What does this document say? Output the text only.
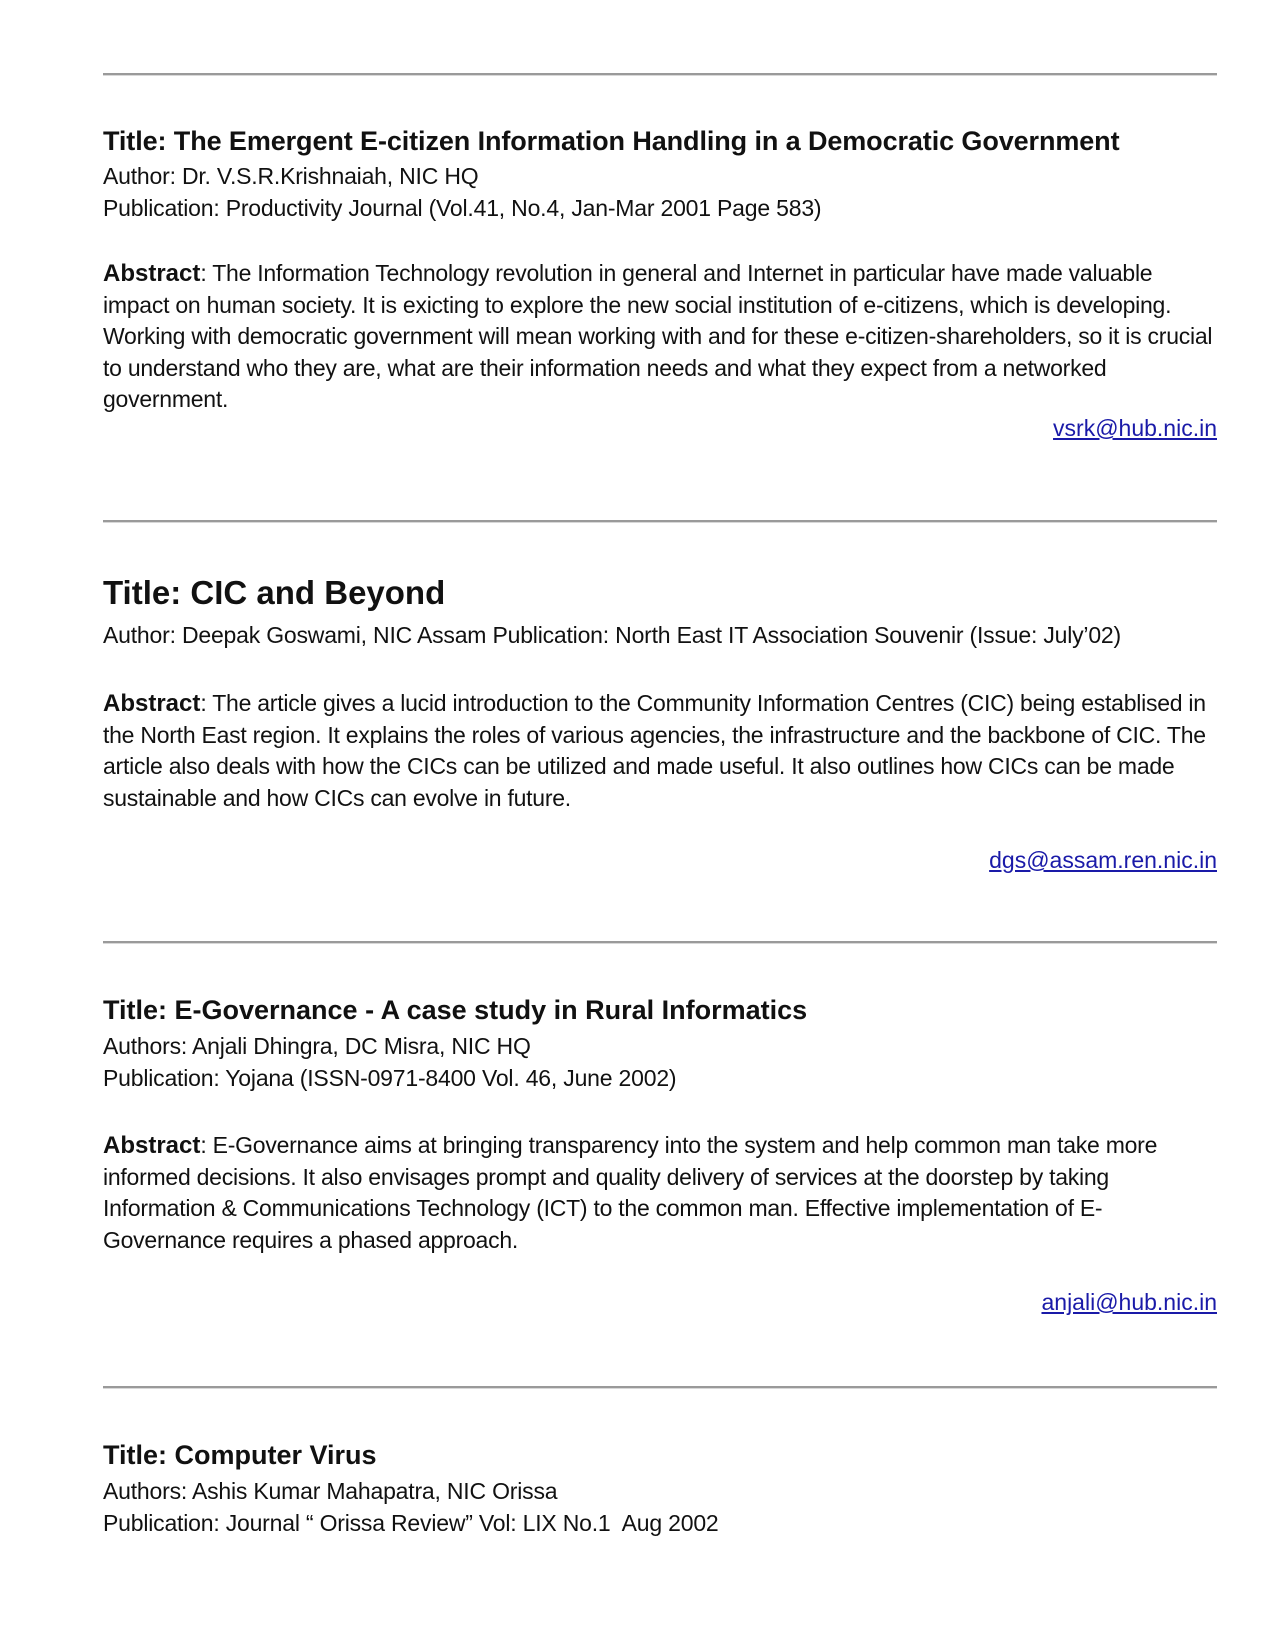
Title: The Emergent E-citizen Information Handling in a Democratic Government

Author: Dr. V.S.R.Krishnaiah, NIC HQ

Publication: Productivity Journal (Vol.41, No.4, Jan-Mar 2001 Page 583)

Abstract: The Information Technology revolution in general and Internet in particular have made valuable impact on human society. It is exicting to explore the new social institution of e-citizens, which is developing. Working with democratic government will mean working with and for these e-citizen-shareholders, so it is crucial to understand who they are, what are their information needs and what they expect from a networked government.

vsrk@hub.nic.in

Title: CIC and Beyond

Author: Deepak Goswami, NIC Assam Publication: North East IT Association Souvenir (Issue: July’02)

Abstract: The article gives a lucid introduction to the Community Information Centres (CIC) being establised in the North East region. It explains the roles of various agencies, the infrastructure and the backbone of CIC. The article also deals with how the CICs can be utilized and made useful. It also outlines how CICs can be made sustainable and how CICs can evolve in future.

dgs@assam.ren.nic.in

Title: E-Governance - A case study in Rural Informatics

Authors: Anjali Dhingra, DC Misra, NIC HQ

Publication: Yojana (ISSN-0971-8400 Vol. 46, June 2002)

Abstract: E-Governance aims at bringing transparency into the system and help common man take more informed decisions. It also envisages prompt and quality delivery of services at the doorstep by taking Information & Communications Technology (ICT) to the common man. Effective implementation of E-Governance requires a phased approach.

anjali@hub.nic.in

Title: Computer Virus

Authors: Ashis Kumar Mahapatra, NIC Orissa

Publication: Journal “ Orissa Review” Vol: LIX No.1  Aug 2002
